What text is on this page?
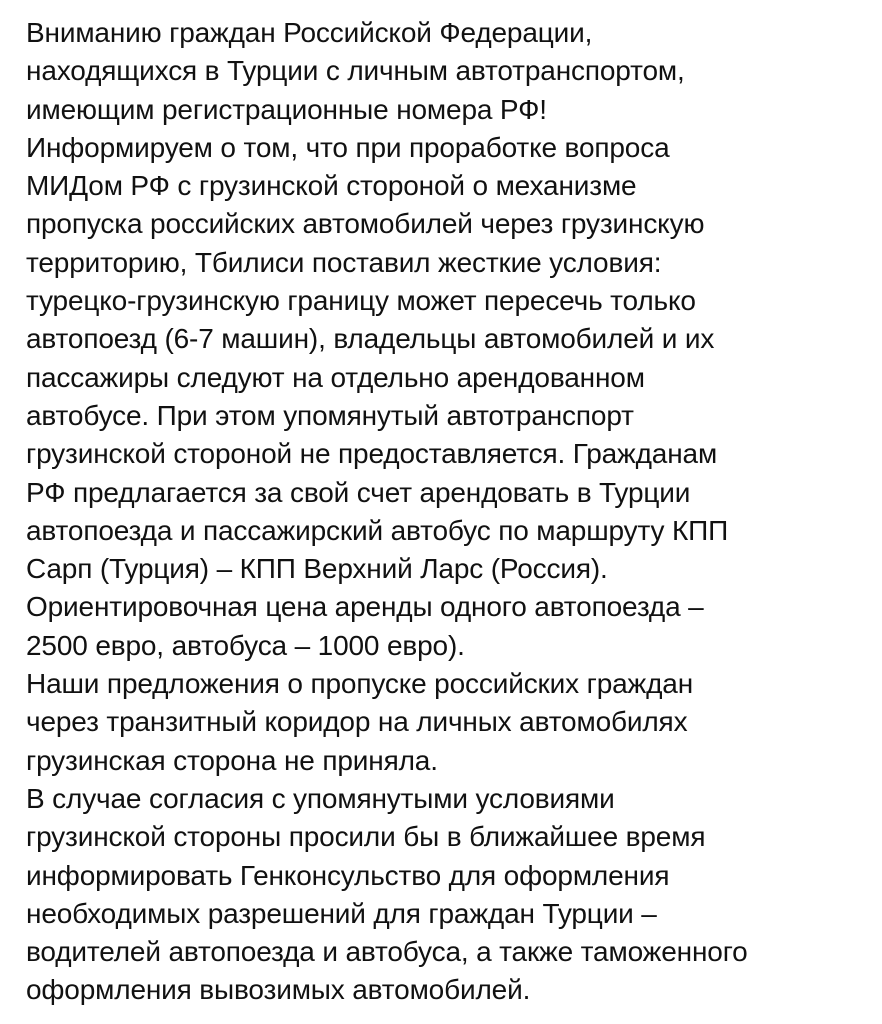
Вниманию граждан Российской Федерации,
находящихся в Турции с личным автотранспортом,
имеющим регистрационные номера РФ!
Информируем о том, что при проработке вопроса
МИДом РФ с грузинской стороной о механизме
пропуска российских автомобилей через грузинскую
территорию, Тбилиси поставил жесткие условия:
турецко-грузинскую границу может пересечь только
автопоезд (6-7 машин), владельцы автомобилей и их
пассажиры следуют на отдельно арендованном
автобусе. При этом упомянутый автотранспорт
грузинской стороной не предоставляется. Гражданам
РФ предлагается за свой счет арендовать в Турции
автопоезда и пассажирский автобус по маршруту КПП
Сарп (Турция) – КПП Верхний Ларс (Россия).
Ориентировочная цена аренды одного автопоезда –
2500 евро, автобуса – 1000 евро).
Наши предложения о пропуске российских граждан
через транзитный коридор на личных автомобилях
грузинская сторона не приняла.
В случае согласия с упомянутыми условиями
грузинской стороны просили бы в ближайшее время
информировать Генконсульство для оформления
необходимых разрешений для граждан Турции –
водителей автопоезда и автобуса, а также таможенного
оформления вывозимых автомобилей.
